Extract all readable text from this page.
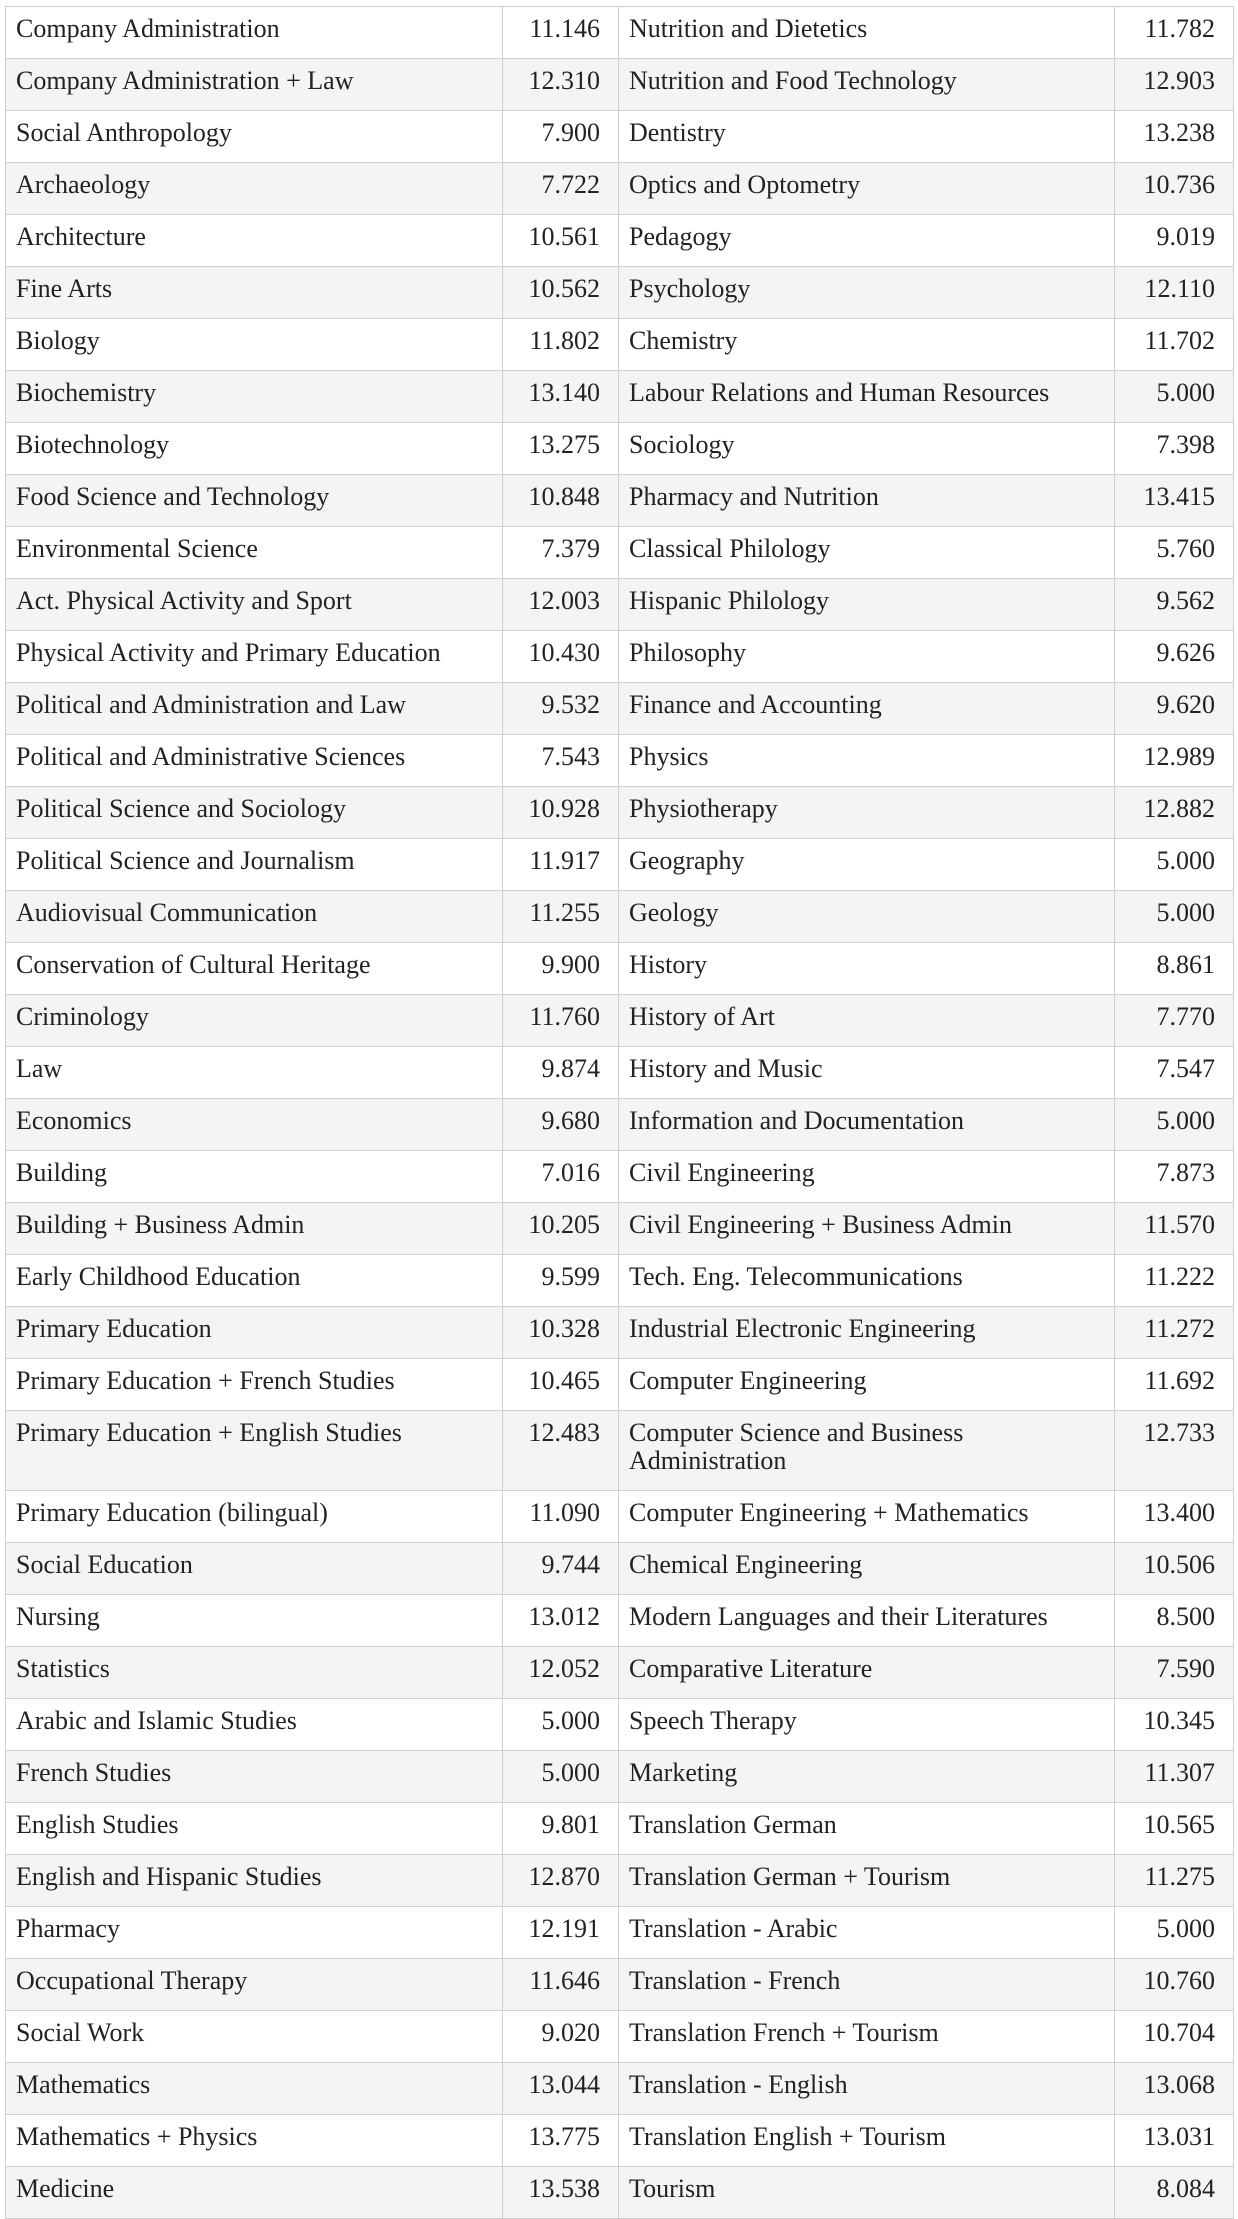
Company Administration	11.146	Nutrition and Dietetics	11.782
Company Administration + Law	12.310	Nutrition and Food Technology	12.903
Social Anthropology	7.900	Dentistry	13.238
Archaeology	7.722	Optics and Optometry	10.736
Architecture	10.561	Pedagogy	9.019
Fine Arts	10.562	Psychology	12.110
Biology	11.802	Chemistry	11.702
Biochemistry	13.140	Labour Relations and Human Resources	5.000
Biotechnology	13.275	Sociology	7.398
Food Science and Technology	10.848	Pharmacy and Nutrition	13.415
Environmental Science	7.379	Classical Philology	5.760
Act. Physical Activity and Sport	12.003	Hispanic Philology	9.562
Physical Activity and Primary Education	10.430	Philosophy	9.626
Political and Administration and Law	9.532	Finance and Accounting	9.620
Political and Administrative Sciences	7.543	Physics	12.989
Political Science and Sociology	10.928	Physiotherapy	12.882
Political Science and Journalism	11.917	Geography	5.000
Audiovisual Communication	11.255	Geology	5.000
Conservation of Cultural Heritage	9.900	History	8.861
Criminology	11.760	History of Art	7.770
Law	9.874	History and Music	7.547
Economics	9.680	Information and Documentation	5.000
Building	7.016	Civil Engineering	7.873
Building + Business Admin	10.205	Civil Engineering + Business Admin	11.570
Early Childhood Education	9.599	Tech. Eng. Telecommunications	11.222
Primary Education	10.328	Industrial Electronic Engineering	11.272
Primary Education + French Studies	10.465	Computer Engineering	11.692
Primary Education + English Studies	12.483	Computer Science and Business Administration	12.733
Primary Education (bilingual)	11.090	Computer Engineering + Mathematics	13.400
Social Education	9.744	Chemical Engineering	10.506
Nursing	13.012	Modern Languages and their Literatures	8.500
Statistics	12.052	Comparative Literature	7.590
Arabic and Islamic Studies	5.000	Speech Therapy	10.345
French Studies	5.000	Marketing	11.307
English Studies	9.801	Translation German	10.565
English and Hispanic Studies	12.870	Translation German + Tourism	11.275
Pharmacy	12.191	Translation - Arabic	5.000
Occupational Therapy	11.646	Translation - French	10.760
Social Work	9.020	Translation French + Tourism	10.704
Mathematics	13.044	Translation - English	13.068
Mathematics + Physics	13.775	Translation English + Tourism	13.031
Medicine	13.538	Tourism	8.084
